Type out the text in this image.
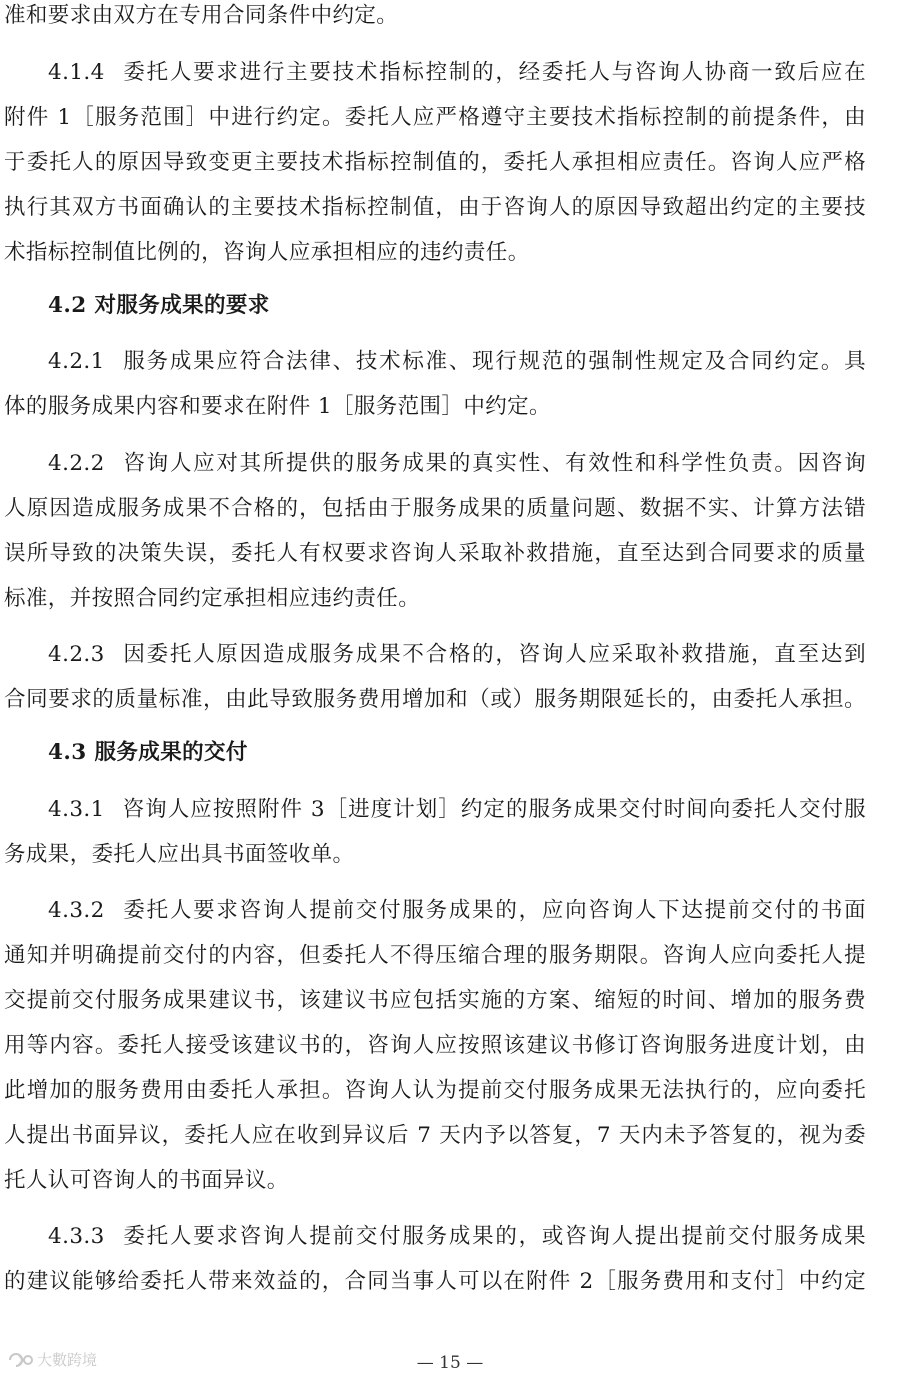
准和要求由双方在专用合同条件中约定。
4.1.4 委托人要求进行主要技术指标控制的，经委托人与咨询人协商一致后应在
附件 1［服务范围］中进行约定。委托人应严格遵守主要技术指标控制的前提条件，由
于委托人的原因导致变更主要技术指标控制值的，委托人承担相应责任。咨询人应严格
执行其双方书面确认的主要技术指标控制值，由于咨询人的原因导致超出约定的主要技
术指标控制值比例的，咨询人应承担相应的违约责任。
4.2 对服务成果的要求
4.2.1 服务成果应符合法律、技术标准、现行规范的强制性规定及合同约定。具
体的服务成果内容和要求在附件 1［服务范围］中约定。
4.2.2 咨询人应对其所提供的服务成果的真实性、有效性和科学性负责。因咨询
人原因造成服务成果不合格的，包括由于服务成果的质量问题、数据不实、计算方法错
误所导致的决策失误，委托人有权要求咨询人采取补救措施，直至达到合同要求的质量
标准，并按照合同约定承担相应违约责任。
4.2.3 因委托人原因造成服务成果不合格的，咨询人应采取补救措施，直至达到
合同要求的质量标准，由此导致服务费用增加和（或）服务期限延长的，由委托人承担。
4.3 服务成果的交付
4.3.1 咨询人应按照附件 3［进度计划］约定的服务成果交付时间向委托人交付服
务成果，委托人应出具书面签收单。
4.3.2 委托人要求咨询人提前交付服务成果的，应向咨询人下达提前交付的书面
通知并明确提前交付的内容，但委托人不得压缩合理的服务期限。咨询人应向委托人提
交提前交付服务成果建议书，该建议书应包括实施的方案、缩短的时间、增加的服务费
用等内容。委托人接受该建议书的，咨询人应按照该建议书修订咨询服务进度计划，由
此增加的服务费用由委托人承担。咨询人认为提前交付服务成果无法执行的，应向委托
人提出书面异议，委托人应在收到异议后 7 天内予以答复，7 天内未予答复的，视为委
托人认可咨询人的书面异议。
4.3.3 委托人要求咨询人提前交付服务成果的，或咨询人提出提前交付服务成果
的建议能够给委托人带来效益的，合同当事人可以在附件 2［服务费用和支付］中约定
大數跨境	— 15 —
